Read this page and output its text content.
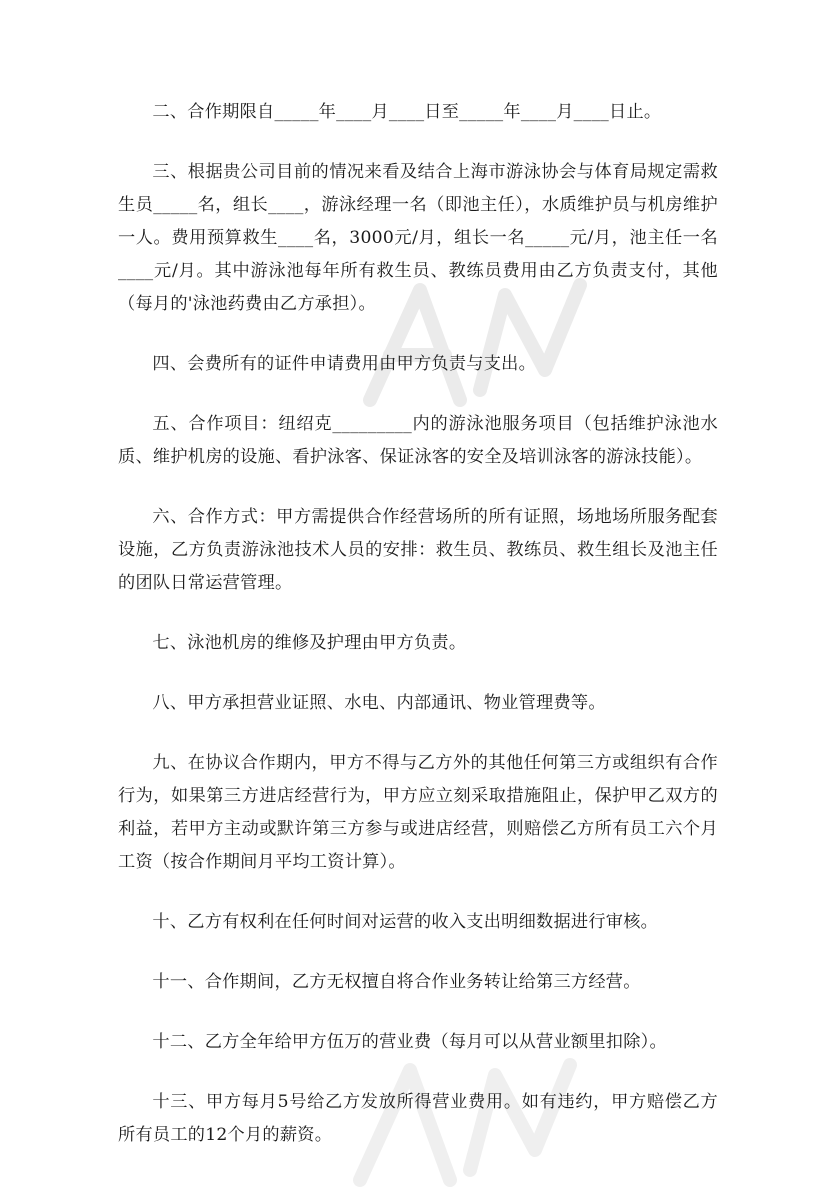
二、合作期限自_____年____月____日至_____年____月____日止。

三、根据贵公司目前的情况来看及结合上海市游泳协会与体育局规定需救生员_____名，组长____，游泳经理一名（即池主任），水质维护员与机房维护一人。费用预算救生____名，3000元/月，组长一名_____元/月，池主任一名____元/月。其中游泳池每年所有救生员、教练员费用由乙方负责支付，其他（每月的'泳池药费由乙方承担）。

四、会费所有的证件申请费用由甲方负责与支出。

五、合作项目：纽绍克_________内的游泳池服务项目（包括维护泳池水质、维护机房的设施、看护泳客、保证泳客的安全及培训泳客的游泳技能）。

六、合作方式：甲方需提供合作经营场所的所有证照，场地场所服务配套设施，乙方负责游泳池技术人员的安排：救生员、教练员、救生组长及池主任的团队日常运营管理。

七、泳池机房的维修及护理由甲方负责。

八、甲方承担营业证照、水电、内部通讯、物业管理费等。

九、在协议合作期内，甲方不得与乙方外的其他任何第三方或组织有合作行为，如果第三方进店经营行为，甲方应立刻采取措施阻止，保护甲乙双方的利益，若甲方主动或默许第三方参与或进店经营，则赔偿乙方所有员工六个月工资（按合作期间月平均工资计算）。

十、乙方有权利在任何时间对运营的收入支出明细数据进行审核。

十一、合作期间，乙方无权擅自将合作业务转让给第三方经营。

十二、乙方全年给甲方伍万的营业费（每月可以从营业额里扣除）。

十三、甲方每月5号给乙方发放所得营业费用。如有违约，甲方赔偿乙方所有员工的12个月的薪资。
